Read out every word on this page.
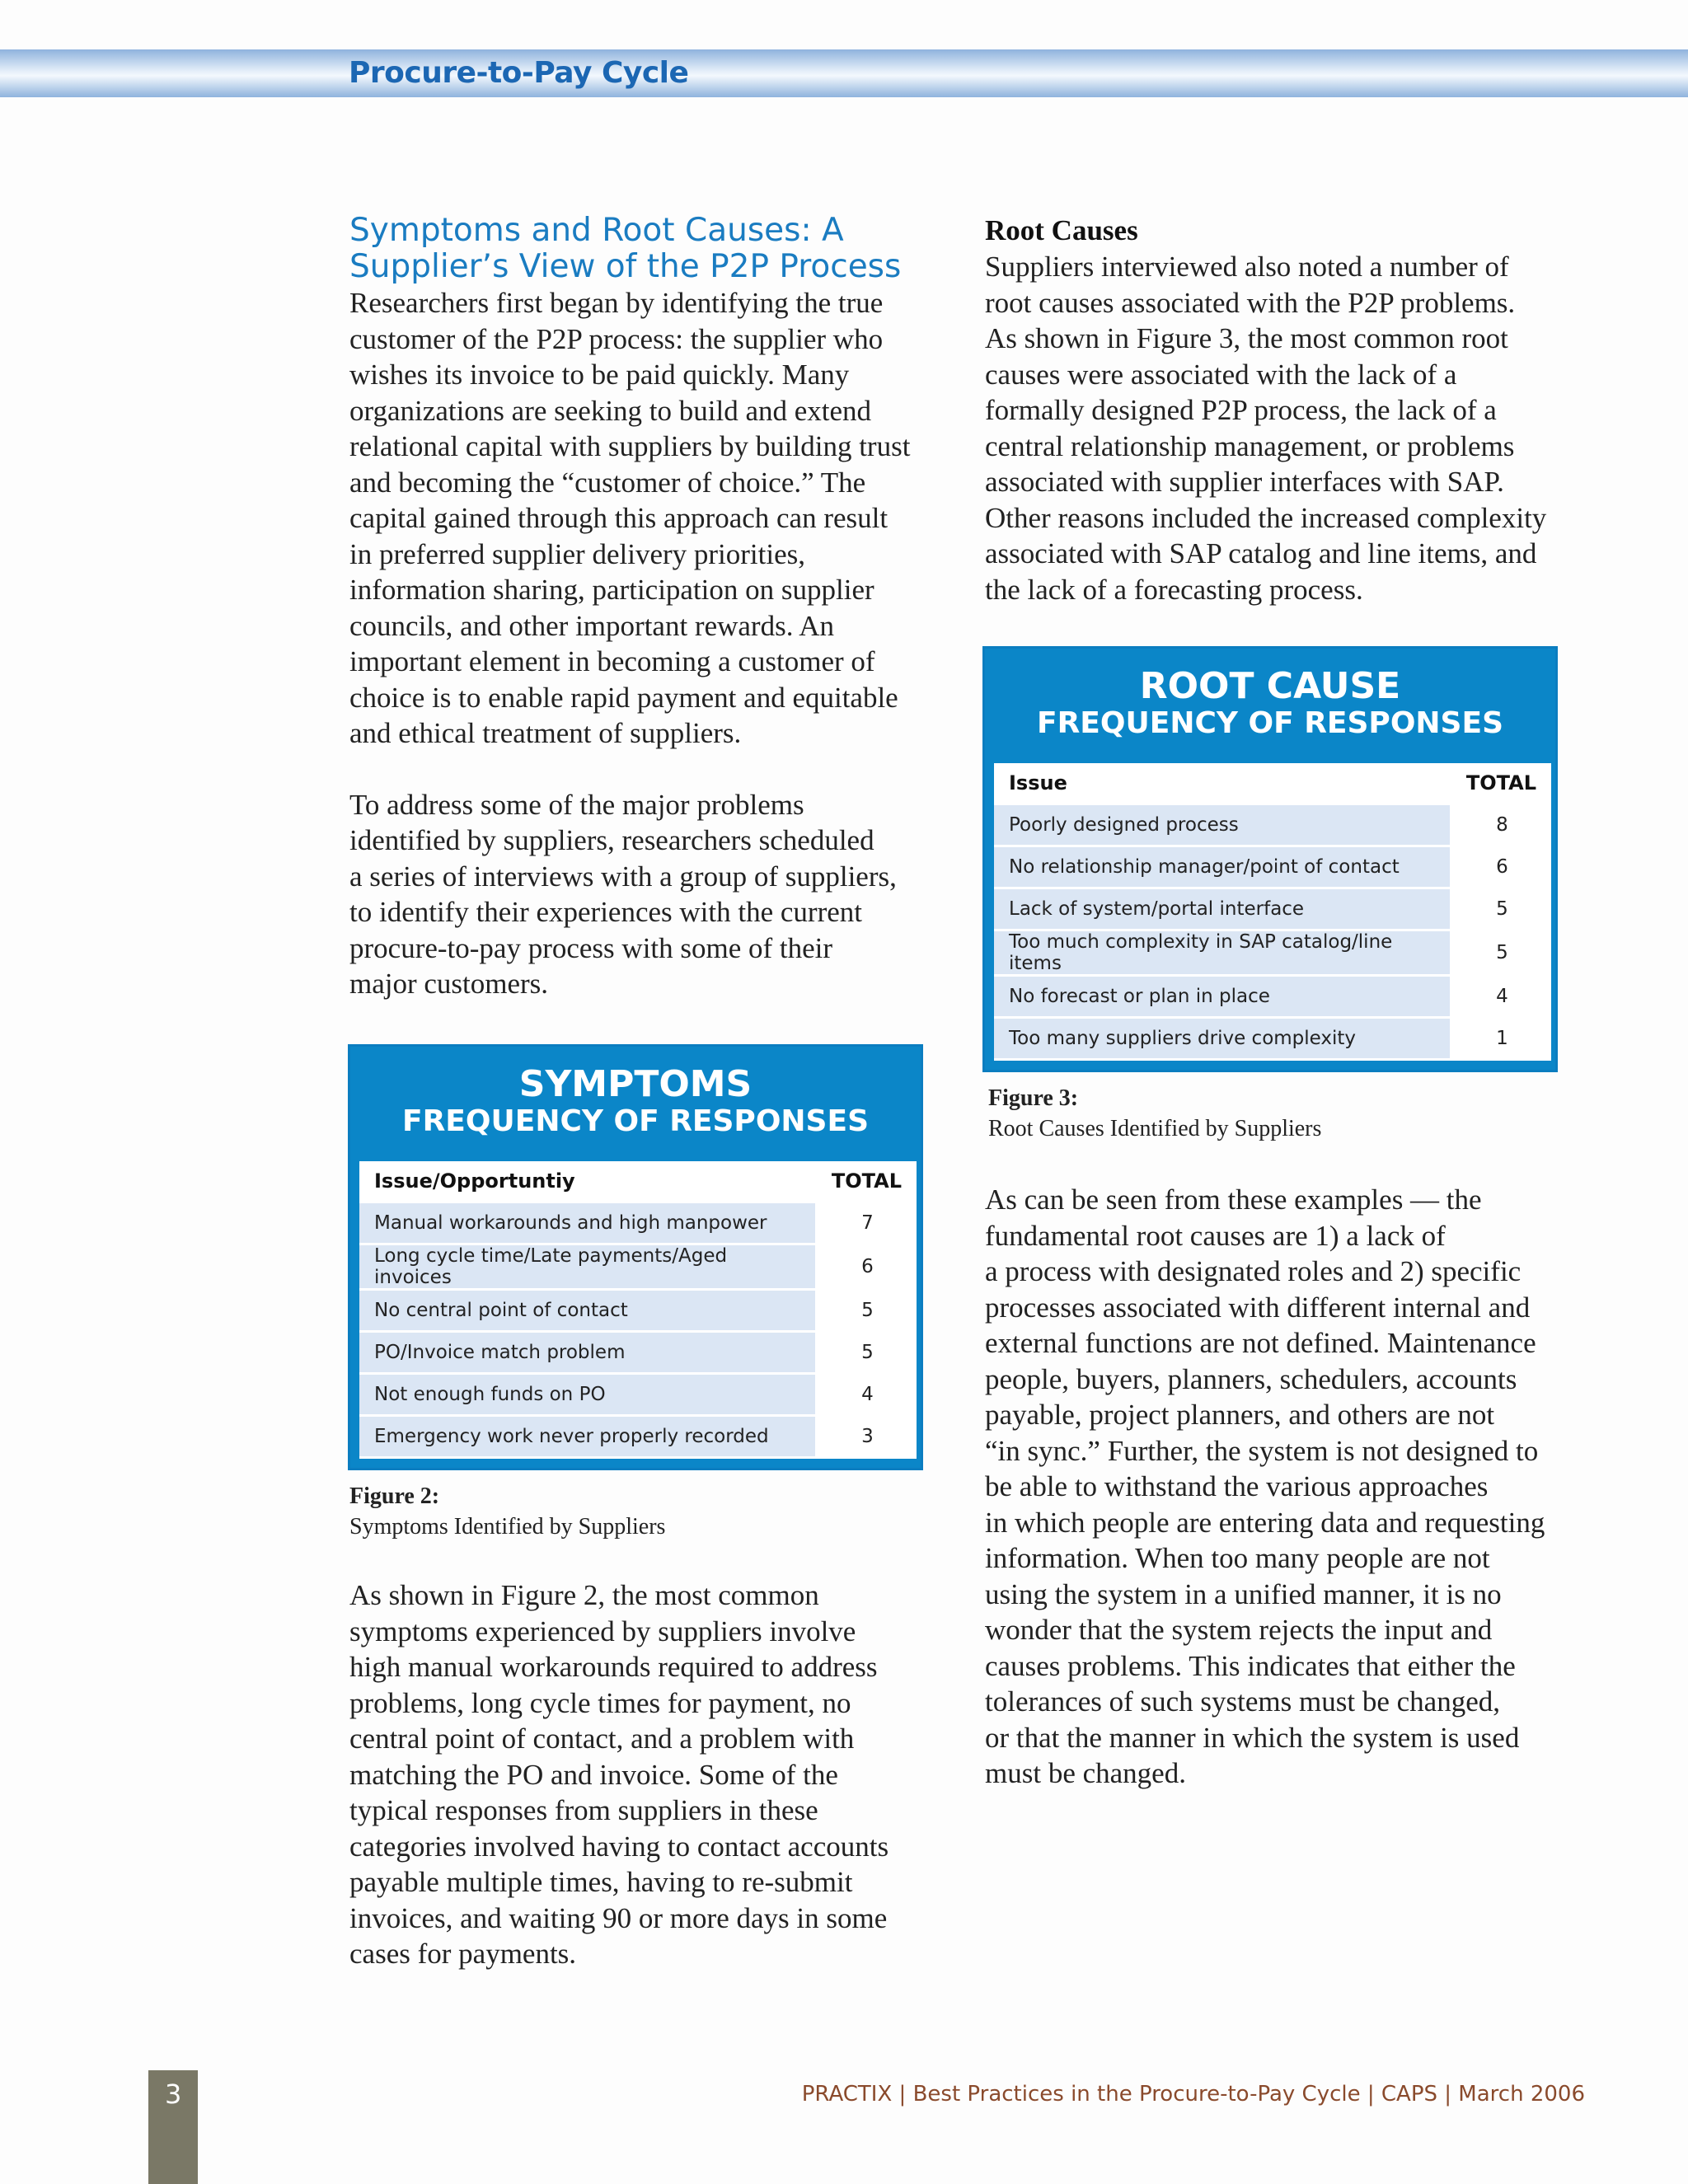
Procure-to-Pay Cycle
Symptoms and Root Causes: A
Supplier’s View of the P2P Process

Researchers first began by identifying the true
customer of the P2P process: the supplier who
wishes its invoice to be paid quickly. Many
organizations are seeking to build and extend
relational capital with suppliers by building trust
and becoming the “customer of choice.” The
capital gained through this approach can result
in preferred supplier delivery priorities,
information sharing, participation on supplier
councils, and other important rewards. An
important element in becoming a customer of
choice is to enable rapid payment and equitable
and ethical treatment of suppliers.

To address some of the major problems
identified by suppliers, researchers scheduled
a series of interviews with a group of suppliers,
to identify their experiences with the current
procure-to-pay process with some of their
major customers.

As shown in Figure 2, the most common
symptoms experienced by suppliers involve
high manual workarounds required to address
problems, long cycle times for payment, no
central point of contact, and a problem with
matching the PO and invoice. Some of the
typical responses from suppliers in these
categories involved having to contact accounts
payable multiple times, having to re-submit
invoices, and waiting 90 or more days in some
cases for payments.

SYMPTOMS
FREQUENCY OF RESPONSES
Issue/Opportuntiy	TOTAL
Manual workarounds and high manpower	7
Long cycle time/Late payments/Aged invoices	6
No central point of contact	5
PO/Invoice match problem	5
Not enough funds on PO	4
Emergency work never properly recorded	3
Figure 2:
Symptoms Identified by Suppliers

Root Causes

Suppliers interviewed also noted a number of
root causes associated with the P2P problems.
As shown in Figure 3, the most common root
causes were associated with the lack of a
formally designed P2P process, the lack of a
central relationship management, or problems
associated with supplier interfaces with SAP.
Other reasons included the increased complexity
associated with SAP catalog and line items, and
the lack of a forecasting process.

As can be seen from these examples — the
fundamental root causes are 1) a lack of
a process with designated roles and 2) specific
processes associated with different internal and
external functions are not defined. Maintenance
people, buyers, planners, schedulers, accounts
payable, project planners, and others are not
“in sync.” Further, the system is not designed to
be able to withstand the various approaches
in which people are entering data and requesting
information. When too many people are not
using the system in a unified manner, it is no
wonder that the system rejects the input and
causes problems. This indicates that either the
tolerances of such systems must be changed,
or that the manner in which the system is used
must be changed.

ROOT CAUSE
FREQUENCY OF RESPONSES
Issue	TOTAL
Poorly designed process	8
No relationship manager/point of contact	6
Lack of system/portal interface	5
Too much complexity in SAP catalog/line items	5
No forecast or plan in place	4
Too many suppliers drive complexity	1
Figure 3:
Root Causes Identified by Suppliers
3	PRACTIX | Best Practices in the Procure-to-Pay Cycle | CAPS | March 2006
